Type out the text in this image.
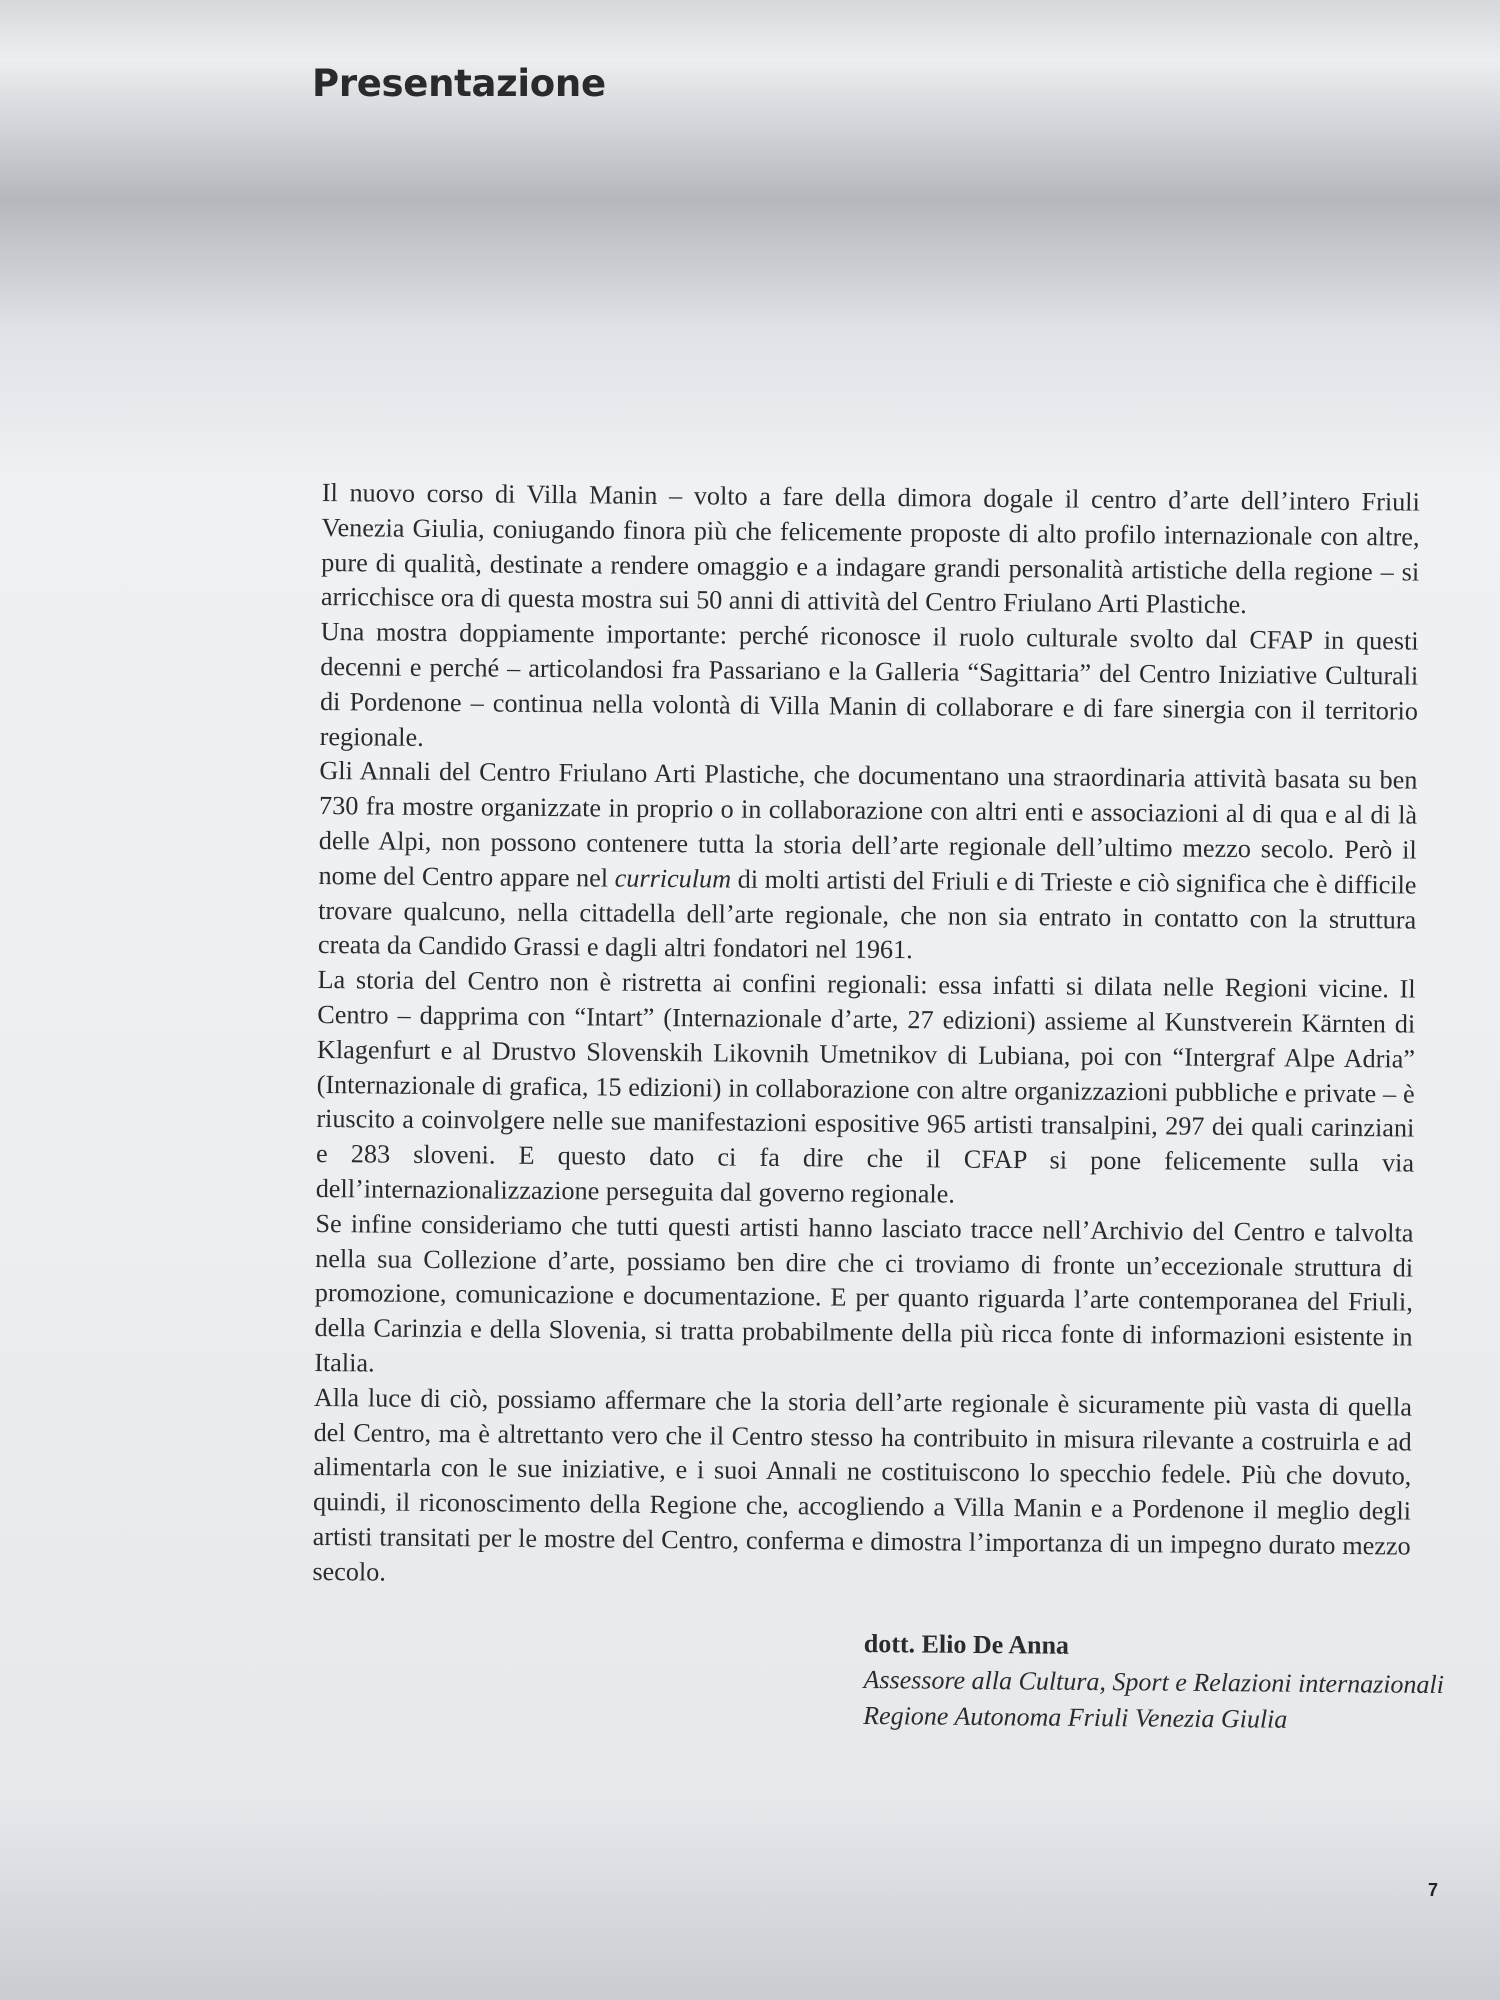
Presentazione

Il nuovo corso di Villa Manin – volto a fare della dimora dogale il centro d’arte dell’intero Friuli Venezia Giulia, coniugando finora più che felicemente proposte di alto profilo internazionale con altre, pure di qualità, destinate a rendere omaggio e a indagare grandi personalità artistiche della regione – si arricchisce ora di questa mostra sui 50 anni di attività del Centro Friulano Arti Plastiche.

Una mostra doppiamente importante: perché riconosce il ruolo culturale svolto dal CFAP in questi decenni e perché – articolandosi fra Passariano e la Galleria “Sagittaria” del Centro Iniziative Culturali di Pordenone – continua nella volontà di Villa Manin di collaborare e di fare sinergia con il territorio regionale.

Gli Annali del Centro Friulano Arti Plastiche, che documentano una straordinaria attività basata su ben 730 fra mostre organizzate in proprio o in collaborazione con altri enti e associazioni al di qua e al di là delle Alpi, non possono contenere tutta la storia dell’arte regionale dell’ultimo mezzo secolo. Però il nome del Centro appare nel curriculum di molti artisti del Friuli e di Trieste e ciò significa che è difficile trovare qualcuno, nella cittadella dell’arte regionale, che non sia entrato in contatto con la struttura creata da Candido Grassi e dagli altri fondatori nel 1961.

La storia del Centro non è ristretta ai confini regionali: essa infatti si dilata nelle Regioni vicine. Il Centro – dapprima con “Intart” (Internazionale d’arte, 27 edizioni) assieme al Kunstverein Kärnten di Klagenfurt e al Drustvo Slovenskih Likovnih Umetnikov di Lubiana, poi con “Intergraf Alpe Adria” (Internazionale di grafica, 15 edizioni) in collaborazione con altre organizzazioni pubbliche e private – è riuscito a coinvolgere nelle sue manifestazioni espositive 965 artisti transalpini, 297 dei quali carinziani e 283 sloveni. E questo dato ci fa dire che il CFAP si pone felicemente sulla via dell’internazionalizzazione perseguita dal governo regionale.

Se infine consideriamo che tutti questi artisti hanno lasciato tracce nell’Archivio del Centro e talvolta nella sua Collezione d’arte, possiamo ben dire che ci troviamo di fronte un’eccezionale struttura di promozione, comunicazione e documentazione. E per quanto riguarda l’arte contemporanea del Friuli, della Carinzia e della Slovenia, si tratta probabilmente della più ricca fonte di informazioni esistente in Italia.

Alla luce di ciò, possiamo affermare che la storia dell’arte regionale è sicuramente più vasta di quella del Centro, ma è altrettanto vero che il Centro stesso ha contribuito in misura rilevante a costruirla e ad alimentarla con le sue iniziative, e i suoi Annali ne costituiscono lo specchio fedele. Più che dovuto, quindi, il riconoscimento della Regione che, accogliendo a Villa Manin e a Pordenone il meglio degli artisti transitati per le mostre del Centro, conferma e dimostra l’importanza di un impegno durato mezzo secolo.

dott. Elio De Anna
Assessore alla Cultura, Sport e Relazioni internazionali
Regione Autonoma Friuli Venezia Giulia
7
